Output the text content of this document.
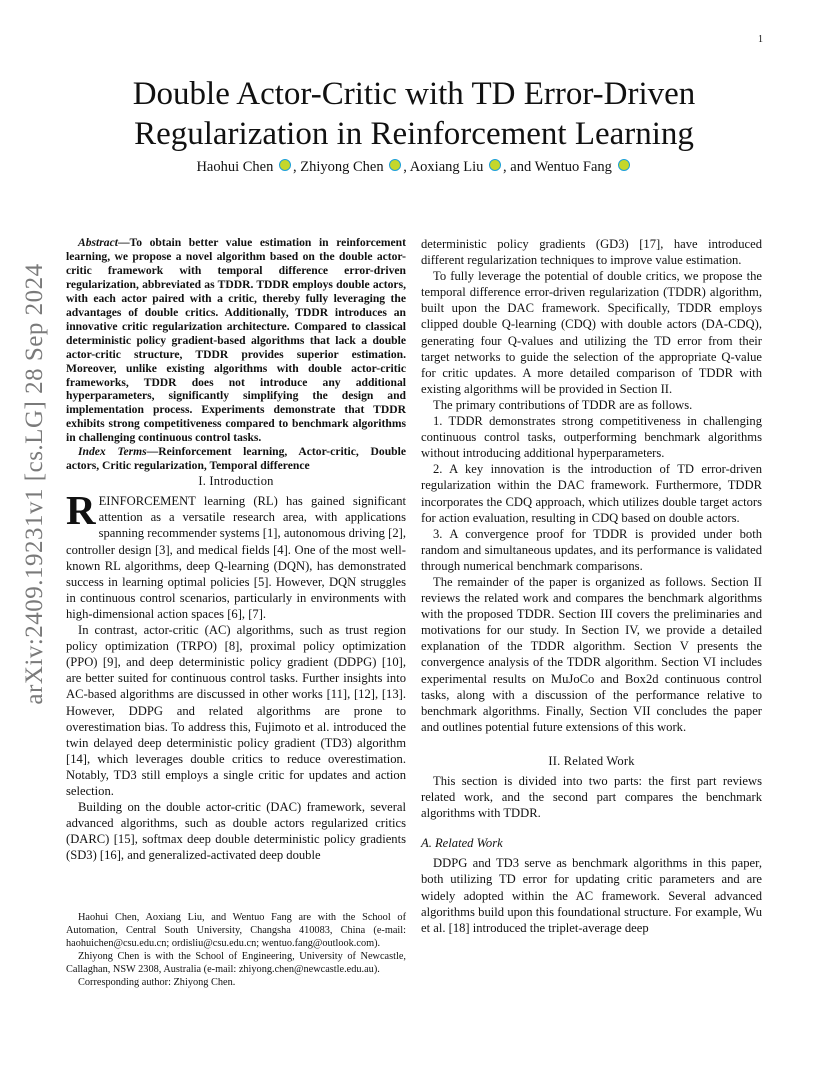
1
arXiv:2409.19231v1 [cs.LG] 28 Sep 2024
Double Actor-Critic with TD Error-Driven
Regularization in Reinforcement Learning
Haohui Chen , Zhiyong Chen , Aoxiang Liu , and Wentuo Fang

Abstract—To obtain better value estimation in reinforcement learning, we propose a novel algorithm based on the double actor-critic framework with temporal difference error-driven regularization, abbreviated as TDDR. TDDR employs double actors, with each actor paired with a critic, thereby fully leveraging the advantages of double critics. Additionally, TDDR introduces an innovative critic regularization architecture. Compared to classical deterministic policy gradient-based algorithms that lack a double actor-critic structure, TDDR provides superior estimation. Moreover, unlike existing algorithms with double actor-critic frameworks, TDDR does not introduce any additional hyperparameters, significantly simplifying the design and implementation process. Experiments demonstrate that TDDR exhibits strong competitiveness compared to benchmark algorithms in challenging continuous control tasks.

Index Terms—Reinforcement learning, Actor-critic, Double actors, Critic regularization, Temporal difference

I. Introduction

REINFORCEMENT learning (RL) has gained significant attention as a versatile research area, with applications spanning recommender systems [1], autonomous driving [2], controller design [3], and medical fields [4]. One of the most well-known RL algorithms, deep Q-learning (DQN), has demonstrated success in learning optimal policies [5]. However, DQN struggles in continuous control scenarios, particularly in environments with high-dimensional action spaces [6], [7].

In contrast, actor-critic (AC) algorithms, such as trust region policy optimization (TRPO) [8], proximal policy optimization (PPO) [9], and deep deterministic policy gradient (DDPG) [10], are better suited for continuous control tasks. Further insights into AC-based algorithms are discussed in other works [11], [12], [13]. However, DDPG and related algorithms are prone to overestimation bias. To address this, Fujimoto et al. introduced the twin delayed deep deterministic policy gradient (TD3) algorithm [14], which leverages double critics to reduce overestimation. Notably, TD3 still employs a single critic for updates and action selection.

Building on the double actor-critic (DAC) framework, several advanced algorithms, such as double actors regularized critics (DARC) [15], softmax deep double deterministic policy gradients (SD3) [16], and generalized-activated deep double

Haohui Chen, Aoxiang Liu, and Wentuo Fang are with the School of Automation, Central South University, Changsha 410083, China (e-mail: haohuichen@csu.edu.cn; ordisliu@csu.edu.cn; wentuo.fang@outlook.com).

Zhiyong Chen is with the School of Engineering, University of Newcastle, Callaghan, NSW 2308, Australia (e-mail: zhiyong.chen@newcastle.edu.au).

Corresponding author: Zhiyong Chen.

deterministic policy gradients (GD3) [17], have introduced different regularization techniques to improve value estimation.

To fully leverage the potential of double critics, we propose the temporal difference error-driven regularization (TDDR) algorithm, built upon the DAC framework. Specifically, TDDR employs clipped double Q-learning (CDQ) with double actors (DA-CDQ), generating four Q-values and utilizing the TD error from their target networks to guide the selection of the appropriate Q-value for critic updates. A more detailed comparison of TDDR with existing algorithms will be provided in Section II.

The primary contributions of TDDR are as follows.

1. TDDR demonstrates strong competitiveness in challenging continuous control tasks, outperforming benchmark algorithms without introducing additional hyperparameters.

2. A key innovation is the introduction of TD error-driven regularization within the DAC framework. Furthermore, TDDR incorporates the CDQ approach, which utilizes double target actors for action evaluation, resulting in CDQ based on double actors.

3. A convergence proof for TDDR is provided under both random and simultaneous updates, and its performance is validated through numerical benchmark comparisons.

The remainder of the paper is organized as follows. Section II reviews the related work and compares the benchmark algorithms with the proposed TDDR. Section III covers the preliminaries and motivations for our study. In Section IV, we provide a detailed explanation of the TDDR algorithm. Section V presents the convergence analysis of the TDDR algorithm. Section VI includes experimental results on MuJoCo and Box2d continuous control tasks, along with a discussion of the performance relative to benchmark algorithms. Finally, Section VII concludes the paper and outlines potential future extensions of this work.

II. Related Work

This section is divided into two parts: the first part reviews related work, and the second part compares the benchmark algorithms with TDDR.

A. Related Work

DDPG and TD3 serve as benchmark algorithms in this paper, both utilizing TD error for updating critic parameters and are widely adopted within the AC framework. Several advanced algorithms build upon this foundational structure. For example, Wu et al. [18] introduced the triplet-average deep
